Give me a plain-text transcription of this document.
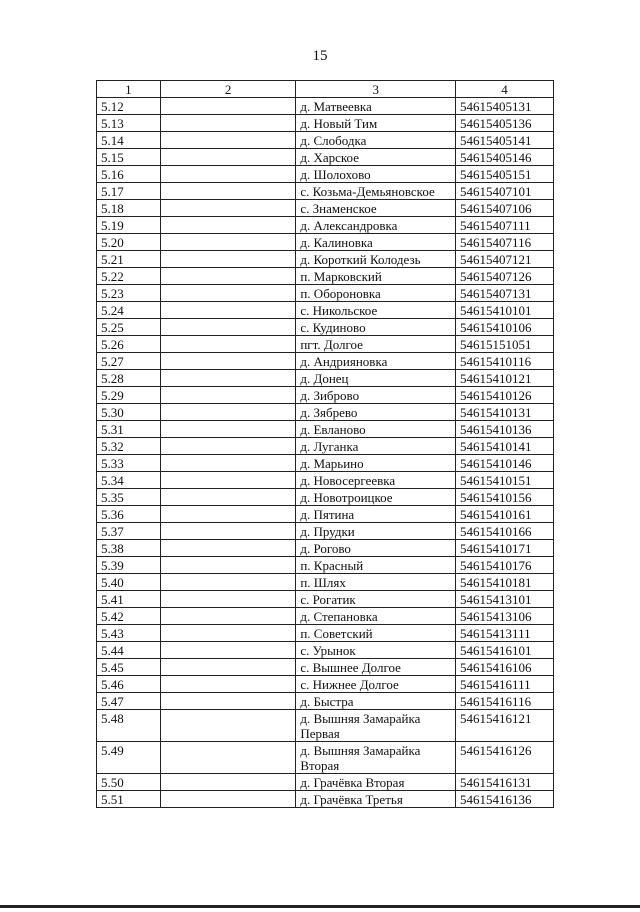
15
1	2	3	4
5.12		д. Матвеевка	54615405131
5.13		д. Новый Тим	54615405136
5.14		д. Слободка	54615405141
5.15		д. Харское	54615405146
5.16		д. Шолохово	54615405151
5.17		с. Козьма-Демьяновское	54615407101
5.18		с. Знаменское	54615407106
5.19		д. Александровка	54615407111
5.20		д. Калиновка	54615407116
5.21		д. Короткий Колодезь	54615407121
5.22		п. Марковский	54615407126
5.23		п. Обороновка	54615407131
5.24		с. Никольское	54615410101
5.25		с. Кудиново	54615410106
5.26		пгт. Долгое	54615151051
5.27		д. Андрияновка	54615410116
5.28		д. Донец	54615410121
5.29		д. Зиброво	54615410126
5.30		д. Зябрево	54615410131
5.31		д. Евланово	54615410136
5.32		д. Луганка	54615410141
5.33		д. Марьино	54615410146
5.34		д. Новосергеевка	54615410151
5.35		д. Новотроицкое	54615410156
5.36		д. Пятина	54615410161
5.37		д. Прудки	54615410166
5.38		д. Рогово	54615410171
5.39		п. Красный	54615410176
5.40		п. Шлях	54615410181
5.41		с. Рогатик	54615413101
5.42		д. Степановка	54615413106
5.43		п. Советский	54615413111
5.44		с. Урынок	54615416101
5.45		с. Вышнее Долгое	54615416106
5.46		с. Нижнее Долгое	54615416111
5.47		д. Быстра	54615416116
5.48		д. Вышняя Замарайка Первая	54615416121
5.49		д. Вышняя Замарайка Вторая	54615416126
5.50		д. Грачёвка Вторая	54615416131
5.51		д. Грачёвка Третья	54615416136
